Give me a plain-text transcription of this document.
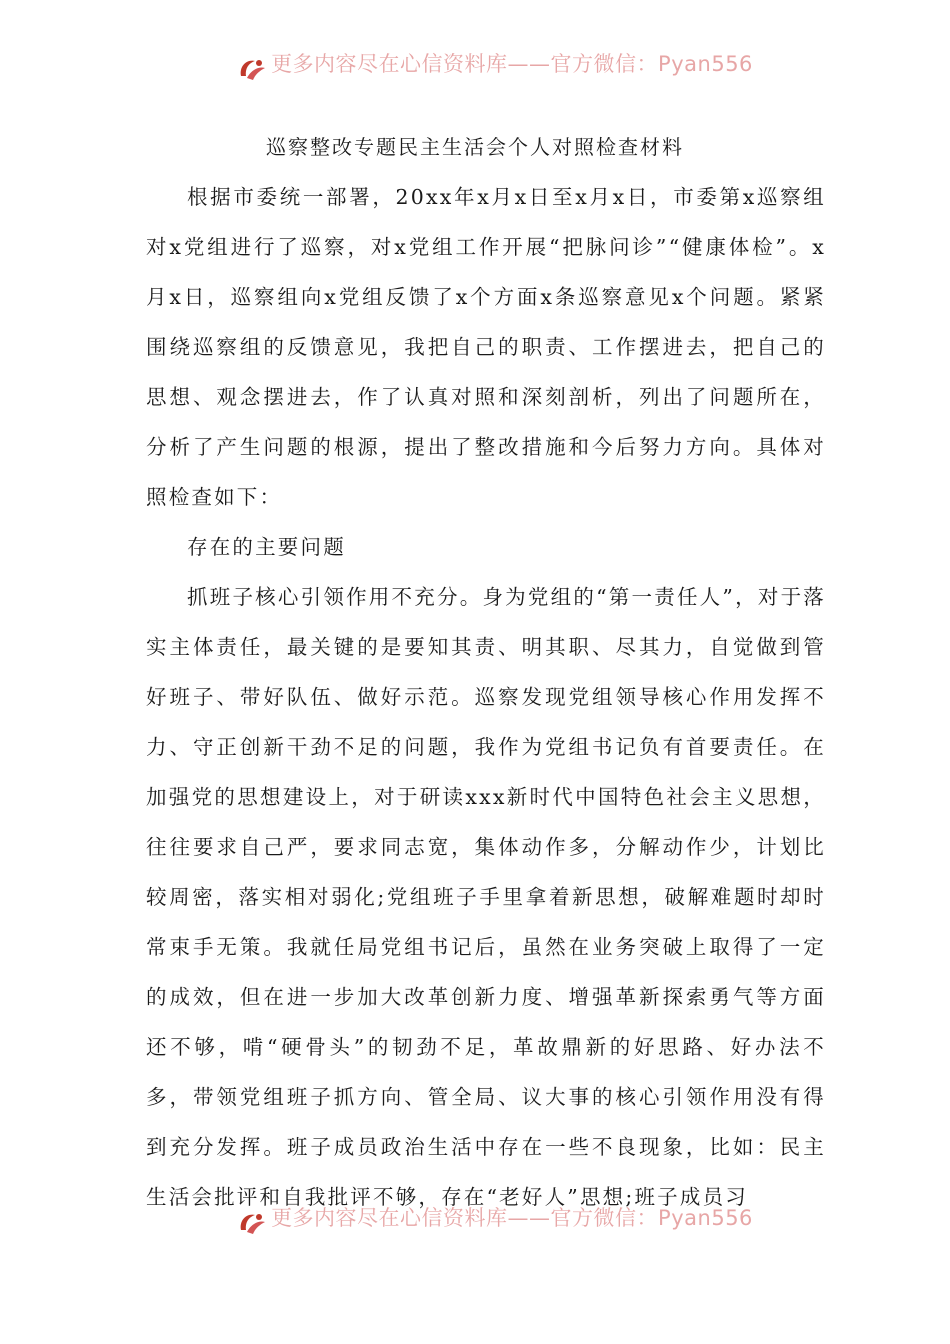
更多内容尽在心信资料库——官方微信：Pyan556
巡察整改专题民主生活会个人对照检查材料

根据市委统一部署，20xx年x月x日至x月x日，市委第x巡察组对x党组进行了巡察，对x党组工作开展“把脉问诊”“健康体检”。x月x日，巡察组向x党组反馈了x个方面x条巡察意见x个问题。紧紧围绕巡察组的反馈意见，我把自己的职责、工作摆进去，把自己的思想、观念摆进去，作了认真对照和深刻剖析，列出了问题所在，分析了产生问题的根源，提出了整改措施和今后努力方向。具体对照检查如下：

存在的主要问题

抓班子核心引领作用不充分。身为党组的“第一责任人”，对于落实主体责任，最关键的是要知其责、明其职、尽其力，自觉做到管好班子、带好队伍、做好示范。巡察发现党组领导核心作用发挥不力、守正创新干劲不足的问题，我作为党组书记负有首要责任。在加强党的思想建设上，对于研读xxx新时代中国特色社会主义思想，往往要求自己严，要求同志宽，集体动作多，分解动作少，计划比较周密，落实相对弱化;党组班子手里拿着新思想，破解难题时却时常束手无策。我就任局党组书记后，虽然在业务突破上取得了一定的成效，但在进一步加大改革创新力度、增强革新探索勇气等方面还不够，啃“硬骨头”的韧劲不足，革故鼎新的好思路、好办法不多，带领党组班子抓方向、管全局、议大事的核心引领作用没有得到充分发挥。班子成员政治生活中存在一些不良现象，比如：民主生活会批评和自我批评不够，存在“老好人”思想;班子成员习

更多内容尽在心信资料库——官方微信：Pyan556
